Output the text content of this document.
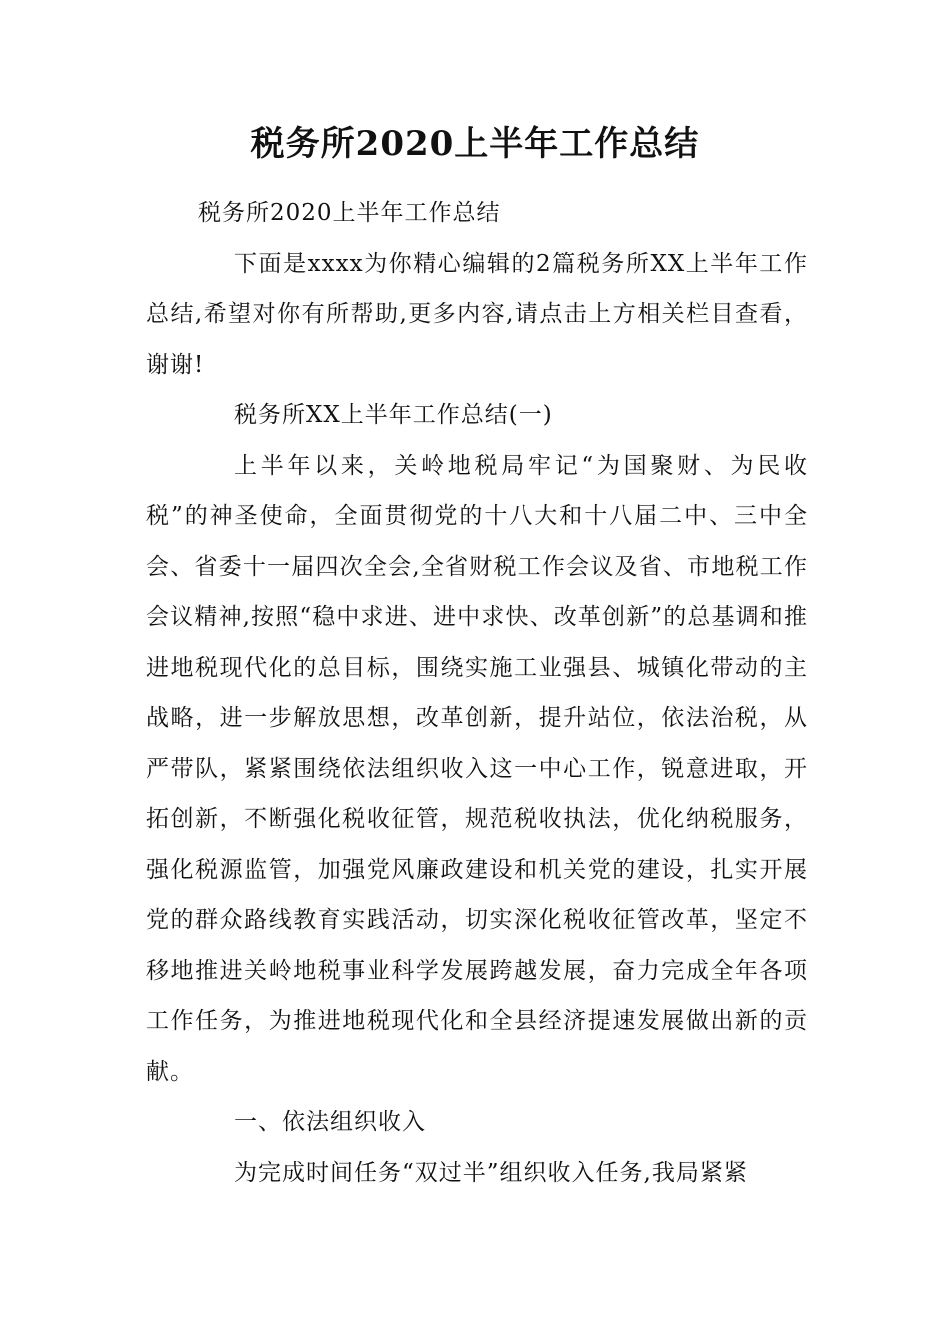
税务所2020上半年工作总结

税务所2020上半年工作总结

下面是xxxx为你精心编辑的2篇税务所XX上半年工作总结,希望对你有所帮助,更多内容,请点击上方相关栏目查看，谢谢!

税务所XX上半年工作总结(一)

上半年以来，关岭地税局牢记“为国聚财、为民收税”的神圣使命，全面贯彻党的十八大和十八届二中、三中全会、省委十一届四次全会,全省财税工作会议及省、市地税工作会议精神,按照“稳中求进、进中求快、改革创新”的总基调和推进地税现代化的总目标，围绕实施工业强县、城镇化带动的主战略，进一步解放思想，改革创新，提升站位，依法治税，从严带队，紧紧围绕依法组织收入这一中心工作，锐意进取，开拓创新，不断强化税收征管，规范税收执法，优化纳税服务，强化税源监管，加强党风廉政建设和机关党的建设，扎实开展党的群众路线教育实践活动，切实深化税收征管改革，坚定不移地推进关岭地税事业科学发展跨越发展，奋力完成全年各项工作任务，为推进地税现代化和全县经济提速发展做出新的贡献。

一、依法组织收入

为完成时间任务“双过半”组织收入任务,我局紧紧
